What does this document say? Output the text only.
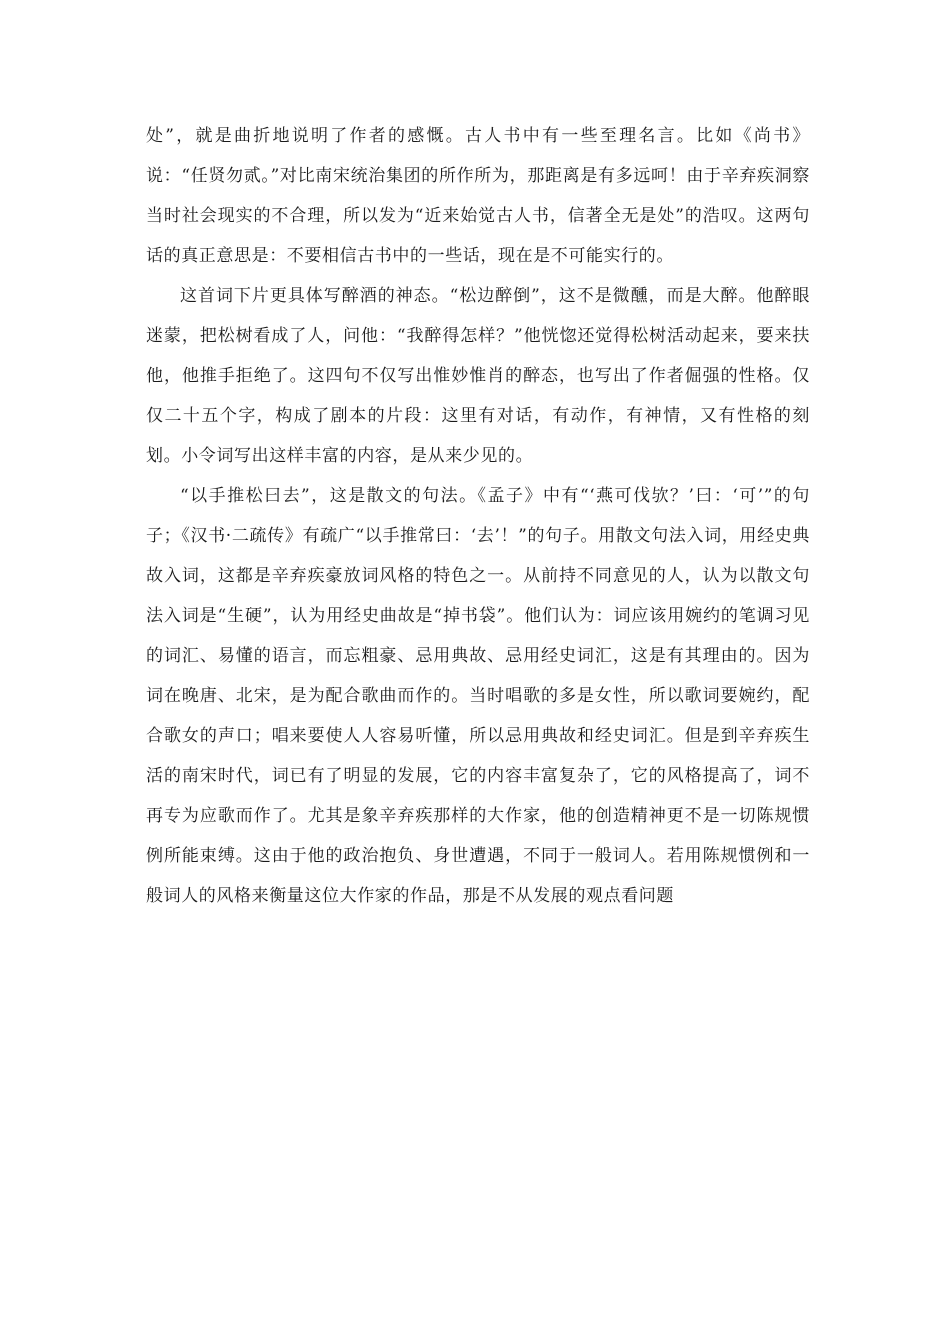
处”，就是曲折地说明了作者的感慨。古人书中有一些至理名言。比如《尚书》说：“任贤勿贰。”对比南宋统治集团的所作所为，那距离是有多远呵！由于辛弃疾洞察当时社会现实的不合理，所以发为“近来始觉古人书，信著全无是处”的浩叹。这两句话的真正意思是：不要相信古书中的一些话，现在是不可能实行的。

这首词下片更具体写醉酒的神态。“松边醉倒”，这不是微醺，而是大醉。他醉眼迷蒙，把松树看成了人，问他：“我醉得怎样？”他恍惚还觉得松树活动起来，要来扶他，他推手拒绝了。这四句不仅写出惟妙惟肖的醉态，也写出了作者倔强的性格。仅仅二十五个字，构成了剧本的片段：这里有对话，有动作，有神情，又有性格的刻划。小令词写出这样丰富的内容，是从来少见的。

“以手推松曰去”，这是散文的句法。《孟子》中有“‘燕可伐欤？’曰：‘可’”的句子；《汉书·二疏传》有疏广“以手推常曰：‘去’！”的句子。用散文句法入词，用经史典故入词，这都是辛弃疾豪放词风格的特色之一。从前持不同意见的人，认为以散文句法入词是“生硬”，认为用经史曲故是“掉书袋”。他们认为：词应该用婉约的笔调习见的词汇、易懂的语言，而忘粗豪、忌用典故、忌用经史词汇，这是有其理由的。因为词在晚唐、北宋，是为配合歌曲而作的。当时唱歌的多是女性，所以歌词要婉约，配合歌女的声口；唱来要使人人容易听懂，所以忌用典故和经史词汇。但是到辛弃疾生活的南宋时代，词已有了明显的发展，它的内容丰富复杂了，它的风格提高了，词不再专为应歌而作了。尤其是象辛弃疾那样的大作家，他的创造精神更不是一切陈规惯例所能束缚。这由于他的政治抱负、身世遭遇，不同于一般词人。若用陈规惯例和一般词人的风格来衡量这位大作家的作品，那是不从发展的观点看问题
